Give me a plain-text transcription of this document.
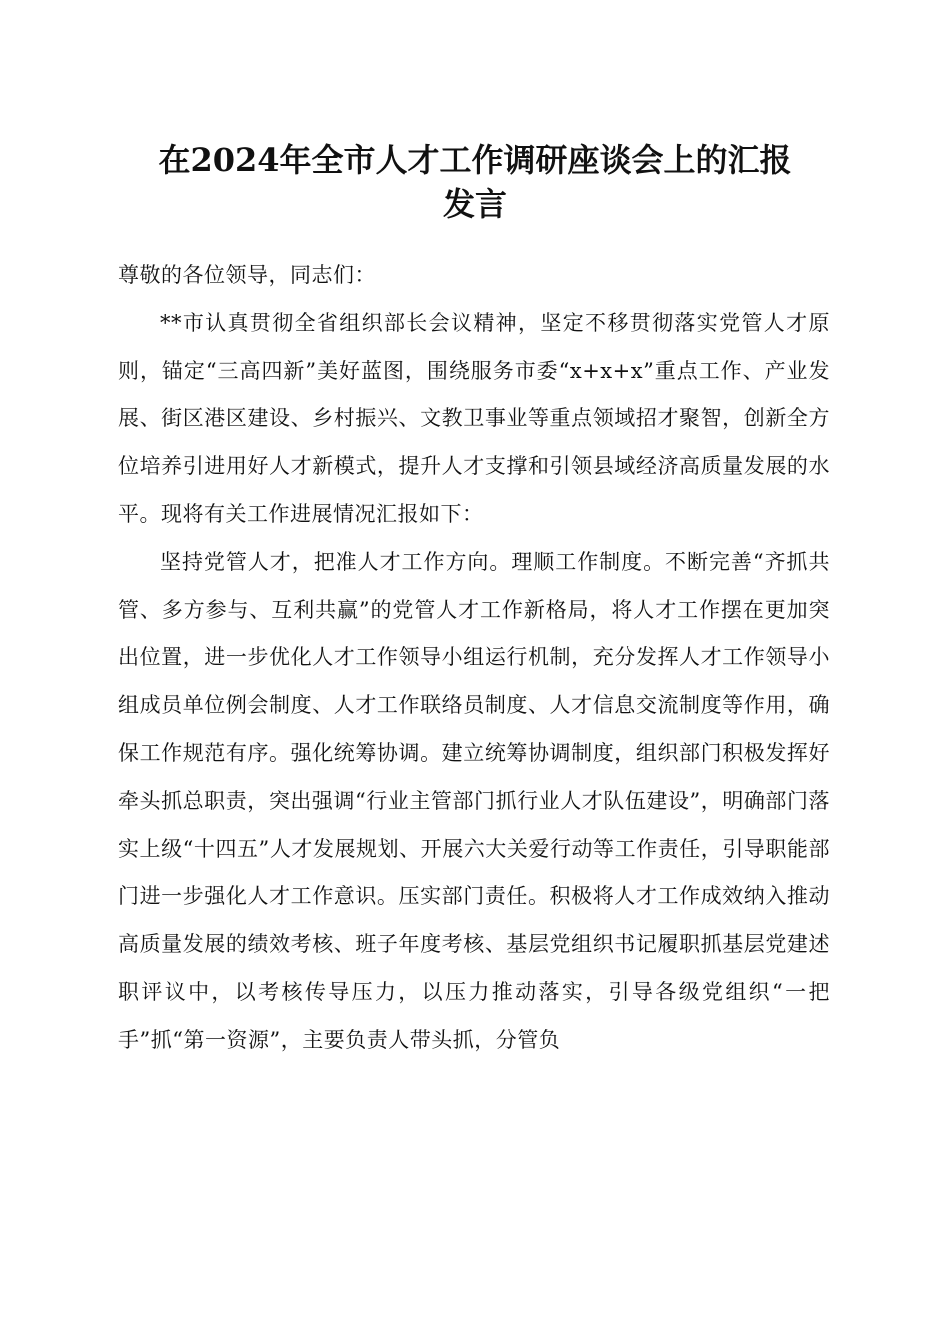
在2024年全市人才工作调研座谈会上的汇报
发言

尊敬的各位领导，同志们：

**市认真贯彻全省组织部长会议精神，坚定不移贯彻落实党管人才原则，锚定“三高四新”美好蓝图，围绕服务市委“x+x+x”重点工作、产业发展、街区港区建设、乡村振兴、文教卫事业等重点领域招才聚智，创新全方位培养引进用好人才新模式，提升人才支撑和引领县域经济高质量发展的水平。现将有关工作进展情况汇报如下：

坚持党管人才，把准人才工作方向。理顺工作制度。不断完善“齐抓共管、多方参与、互利共赢”的党管人才工作新格局，将人才工作摆在更加突出位置，进一步优化人才工作领导小组运行机制，充分发挥人才工作领导小组成员单位例会制度、人才工作联络员制度、人才信息交流制度等作用，确保工作规范有序。强化统筹协调。建立统筹协调制度，组织部门积极发挥好牵头抓总职责，突出强调“行业主管部门抓行业人才队伍建设”，明确部门落实上级“十四五”人才发展规划、开展六大关爱行动等工作责任，引导职能部门进一步强化人才工作意识。压实部门责任。积极将人才工作成效纳入推动高质量发展的绩效考核、班子年度考核、基层党组织书记履职抓基层党建述职评议中，以考核传导压力，以压力推动落实，引导各级党组织“一把手”抓“第一资源”，主要负责人带头抓，分管负
